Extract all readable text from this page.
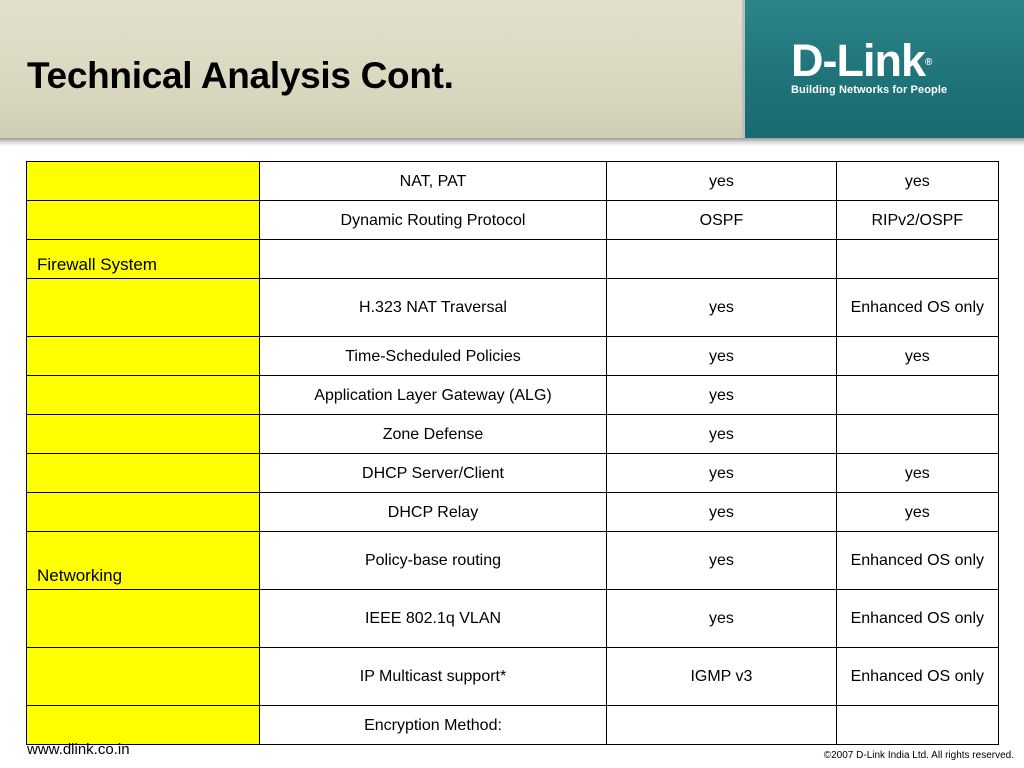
Technical Analysis Cont.	D-Link®
Building Networks for People
	NAT, PAT	yes	yes
	Dynamic Routing Protocol	OSPF	RIPv2/OSPF
Firewall System			
	H.323 NAT Traversal	yes	Enhanced OS only
	Time-Scheduled Policies	yes	yes
	Application Layer Gateway (ALG)	yes	
	Zone Defense	yes	
	DHCP Server/Client	yes	yes
	DHCP Relay	yes	yes
Networking	Policy-base routing	yes	Enhanced OS only
	IEEE 802.1q VLAN	yes	Enhanced OS only
	IP Multicast support*	IGMP v3	Enhanced OS only
	Encryption Method:		
www.dlink.co.in	©2007 D-Link India Ltd. All rights reserved.
